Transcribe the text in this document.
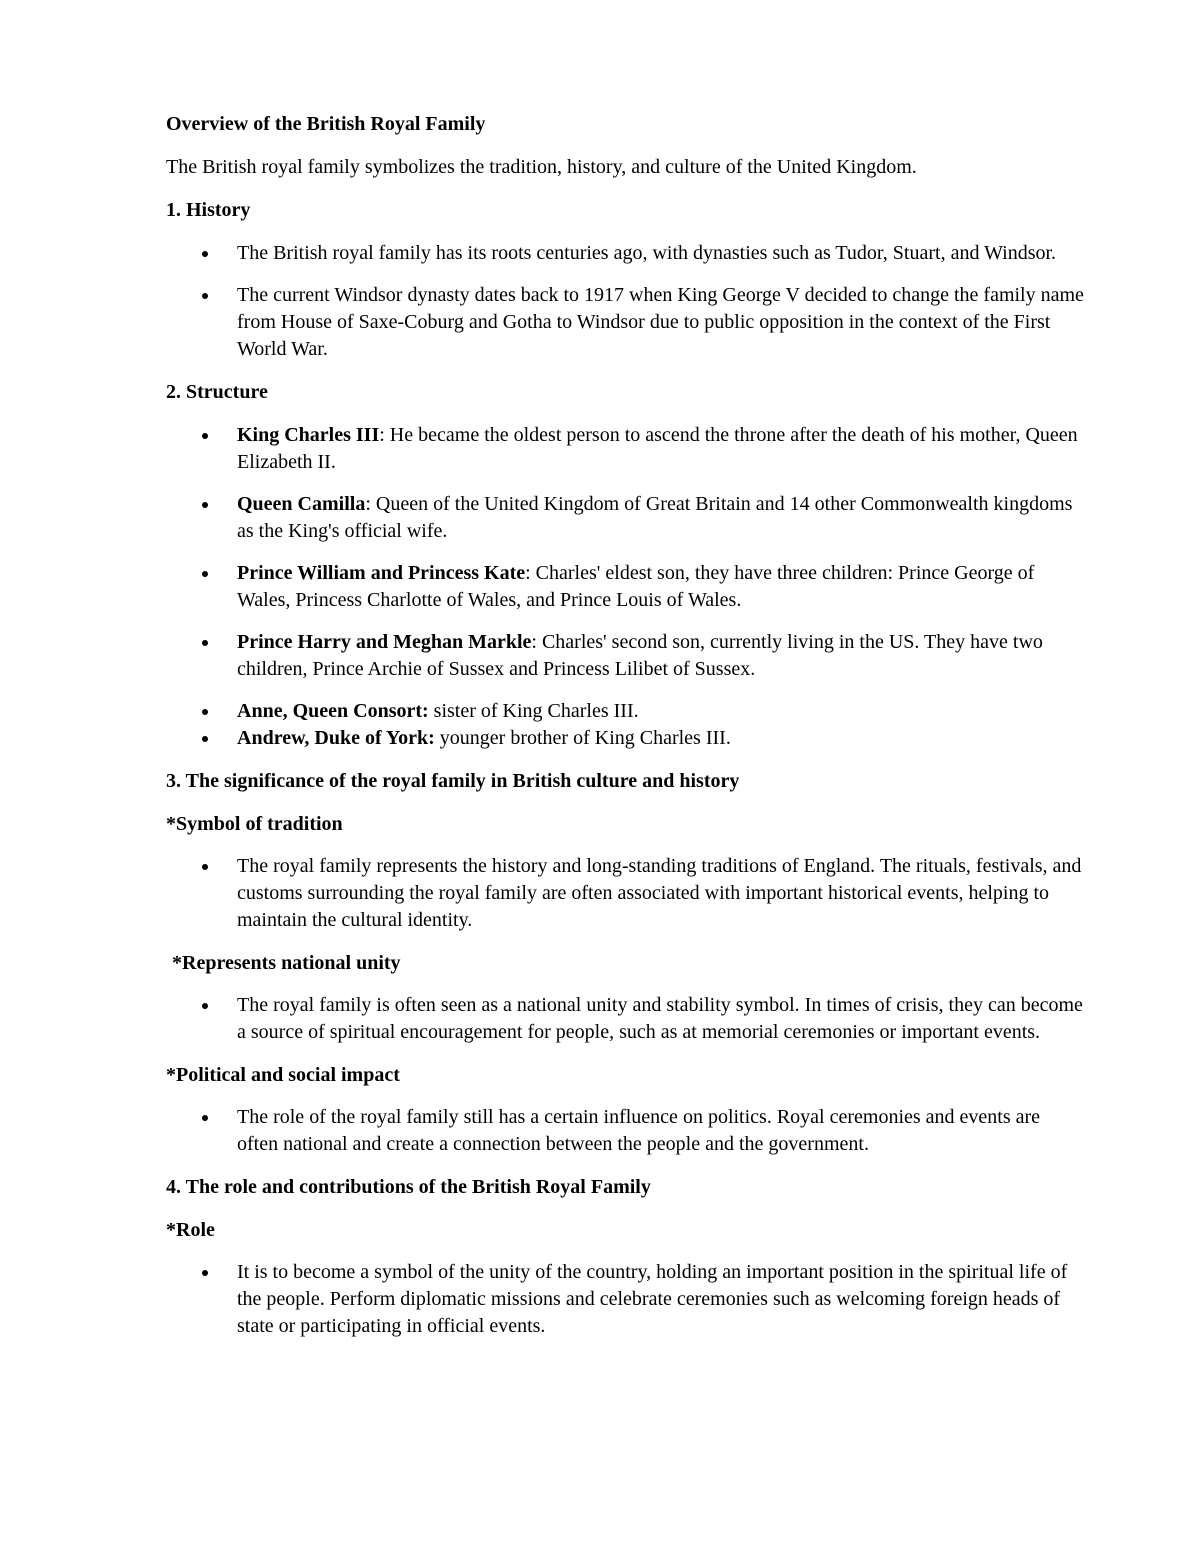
Overview of the British Royal Family
The British royal family symbolizes the tradition, history, and culture of the United Kingdom.
1. History
The British royal family has its roots centuries ago, with dynasties such as Tudor, Stuart, and Windsor.
The current Windsor dynasty dates back to 1917 when King George V decided to change the family name from House of Saxe-Coburg and Gotha to Windsor due to public opposition in the context of the First World War.
2. Structure
King Charles III: He became the oldest person to ascend the throne after the death of his mother, Queen Elizabeth II.
Queen Camilla: Queen of the United Kingdom of Great Britain and 14 other Commonwealth kingdoms as the King's official wife.
Prince William and Princess Kate: Charles' eldest son, they have three children: Prince George of Wales, Princess Charlotte of Wales, and Prince Louis of Wales.
Prince Harry and Meghan Markle: Charles' second son, currently living in the US. They have two children, Prince Archie of Sussex and Princess Lilibet of Sussex.
Anne, Queen Consort: sister of King Charles III.
Andrew, Duke of York: younger brother of King Charles III.
3. The significance of the royal family in British culture and history
*Symbol of tradition
The royal family represents the history and long-standing traditions of England. The rituals, festivals, and customs surrounding the royal family are often associated with important historical events, helping to maintain the cultural identity.
*Represents national unity
The royal family is often seen as a national unity and stability symbol. In times of crisis, they can become a source of spiritual encouragement for people, such as at memorial ceremonies or important events.
*Political and social impact
The role of the royal family still has a certain influence on politics. Royal ceremonies and events are often national and create a connection between the people and the government.
4. The role and contributions of the British Royal Family
*Role
It is to become a symbol of the unity of the country, holding an important position in the spiritual life of the people. Perform diplomatic missions and celebrate ceremonies such as welcoming foreign heads of state or participating in official events.
